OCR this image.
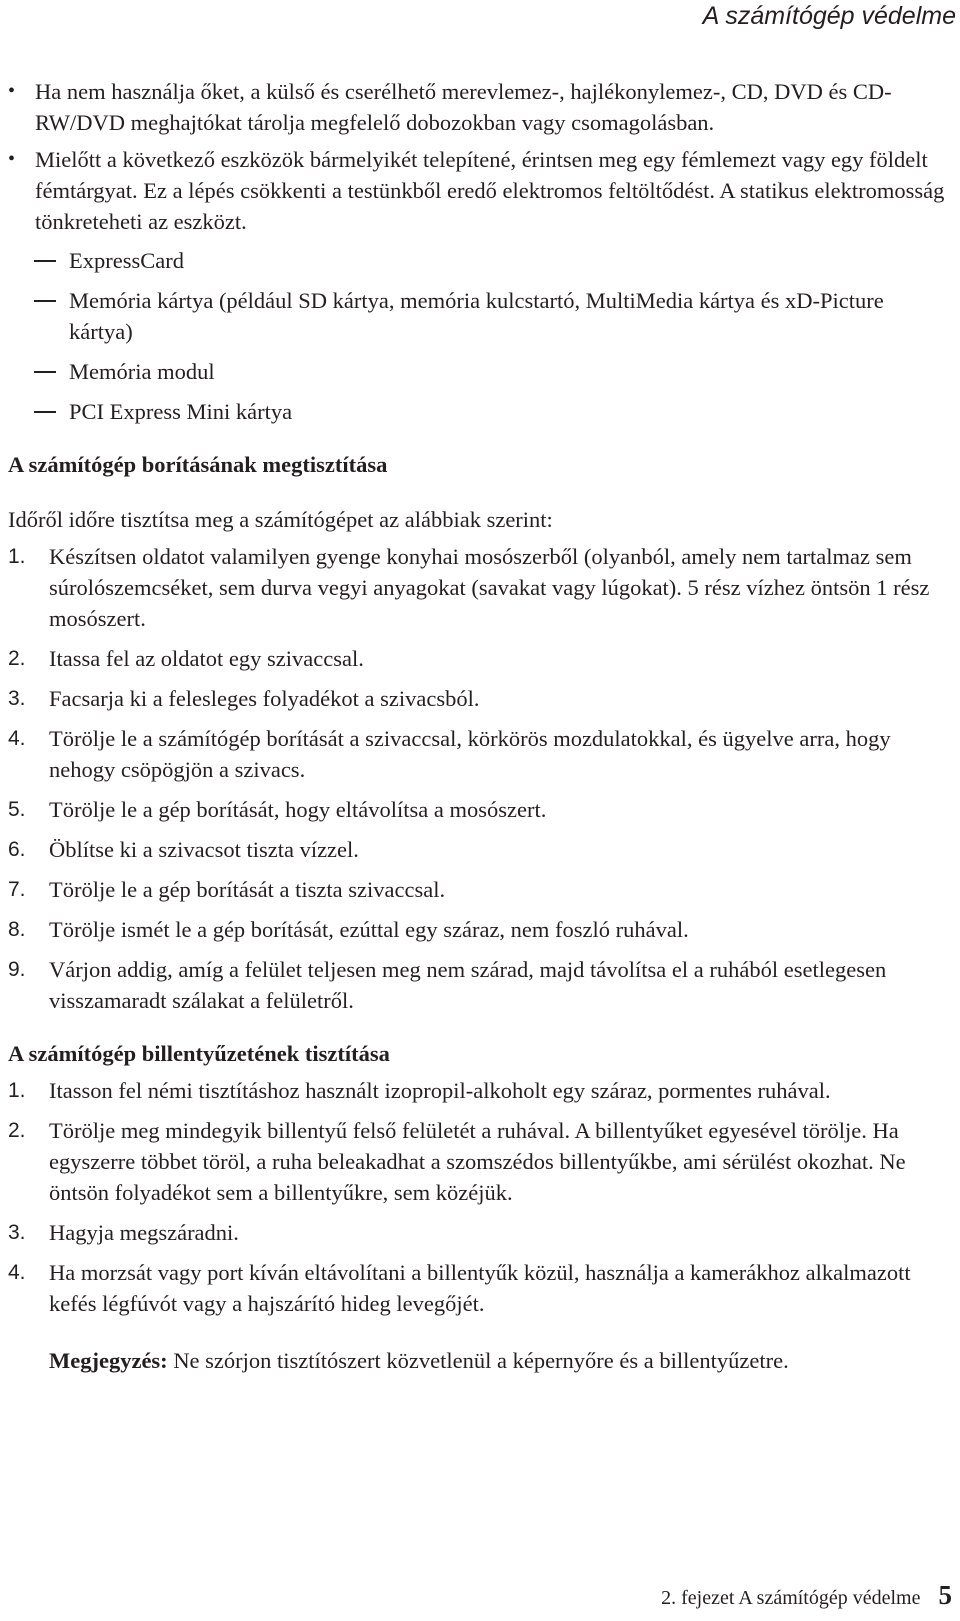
A számítógép védelme
• Ha nem használja őket, a külső és cserélhető merevlemez-, hajlékonylemez-, CD, DVD és CD-RW/DVD meghajtókat tárolja megfelelő dobozokban vagy csomagolásban.
• Mielőtt a következő eszközök bármelyikét telepítené, érintsen meg egy fémlemezt vagy egy földelt fémtárgyat. Ez a lépés csökkenti a testünkből eredő elektromos feltöltődést. A statikus elektromosság tönkreteheti az eszközt.
ExpressCard
Memória kártya (például SD kártya, memória kulcstartó, MultiMedia kártya és xD-Picture kártya)
Memória modul
PCI Express Mini kártya
A számítógép borításának megtisztítása

Időről időre tisztítsa meg a számítógépet az alábbiak szerint:

1. Készítsen oldatot valamilyen gyenge konyhai mosószerből (olyanból, amely nem tartalmaz sem súrolószemcséket, sem durva vegyi anyagokat (savakat vagy lúgokat). 5 rész vízhez öntsön 1 rész mosószert.
2. Itassa fel az oldatot egy szivaccsal.
3. Facsarja ki a felesleges folyadékot a szivacsból.
4. Törölje le a számítógép borítását a szivaccsal, körkörös mozdulatokkal, és ügyelve arra, hogy nehogy csöpögjön a szivacs.
5. Törölje le a gép borítását, hogy eltávolítsa a mosószert.
6. Öblítse ki a szivacsot tiszta vízzel.
7. Törölje le a gép borítását a tiszta szivaccsal.
8. Törölje ismét le a gép borítását, ezúttal egy száraz, nem foszló ruhával.
9. Várjon addig, amíg a felület teljesen meg nem szárad, majd távolítsa el a ruhából esetlegesen visszamaradt szálakat a felületről.
A számítógép billentyűzetének tisztítása
1. Itasson fel némi tisztításhoz használt izopropil-alkoholt egy száraz, pormentes ruhával.
2. Törölje meg mindegyik billentyű felső felületét a ruhával. A billentyűket egyesével törölje. Ha egyszerre többet töröl, a ruha beleakadhat a szomszédos billentyűkbe, ami sérülést okozhat. Ne öntsön folyadékot sem a billentyűkre, sem közéjük.
3. Hagyja megszáradni.
4. Ha morzsát vagy port kíván eltávolítani a billentyűk közül, használja a kamerákhoz alkalmazott kefés légfúvót vagy a hajszárító hideg levegőjét.

Megjegyzés: Ne szórjon tisztítószert közvetlenül a képernyőre és a billentyűzetre.

2. fejezet A számítógép védelme 5
